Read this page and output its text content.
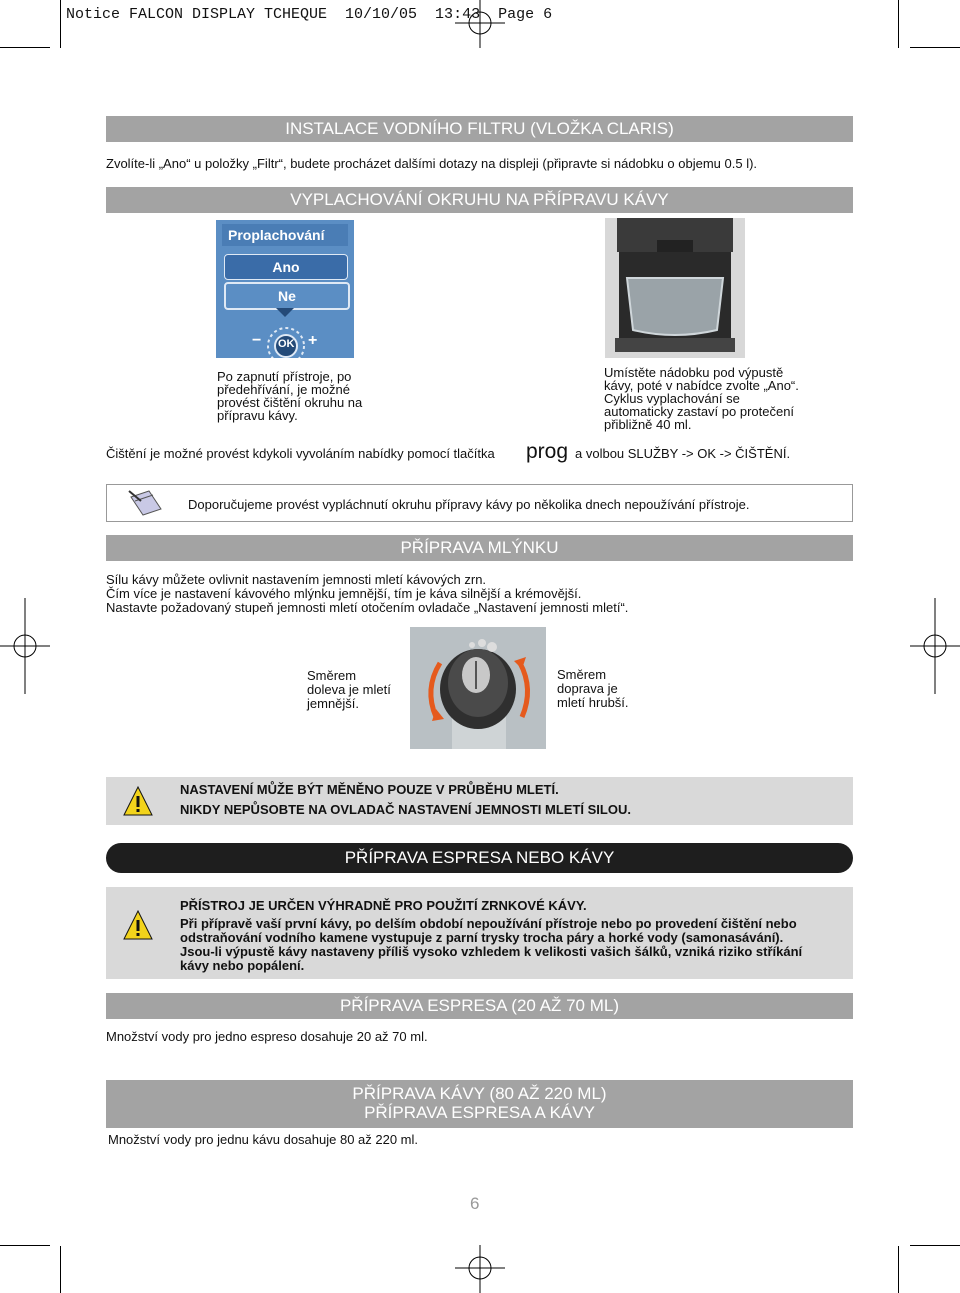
Notice FALCON DISPLAY TCHEQUE  10/10/05  13:43  Page 6
INSTALACE VODNÍHO FILTRU (VLOŽKA CLARIS)
Zvolíte-li „Ano“ u položky „Filtr“, budete procházet dalšími dotazy na displeji (připravte si nádobku o objemu 0.5 l).
VYPLACHOVÁNÍ OKRUHU NA PŘÍPRAVU KÁVY
Proplachování
Ano
Ne
OK
−	+
Po zapnutí přístroje, po
předehřívání, je možné
provést čištění okruhu na
přípravu kávy.
Umístěte nádobku pod výpustě
kávy, poté v nabídce zvolte „Ano“.
Cyklus vyplachování se
automaticky zastaví po protečení
přibližně 40 ml.
Čištění je možné provést kdykoli vyvoláním nabídky pomocí tlačítka prog a volbou SLUŽBY -> OK -> ČIŠTĚNÍ.
Doporučujeme provést vypláchnutí okruhu přípravy kávy po několika dnech nepoužívání přístroje.
PŘÍPRAVA MLÝNKU
Sílu kávy můžete ovlivnit nastavením jemnosti mletí kávových zrn.
Čím více je nastavení kávového mlýnku jemnější, tím je káva silnější a krémovější.
Nastavte požadovaný stupeň jemnosti mletí otočením ovladače „Nastavení jemnosti mletí“.
Směrem
doleva je mletí
jemnější.
Směrem
doprava je
mletí hrubší.
NASTAVENÍ MŮŽE BÝT MĚNĚNO POUZE V PRŮBĚHU MLETÍ.
NIKDY NEPŮSOBTE NA OVLADAČ NASTAVENÍ JEMNOSTI MLETÍ SILOU.
PŘÍPRAVA ESPRESA NEBO KÁVY
PŘÍSTROJ JE URČEN VÝHRADNĚ PRO POUŽITÍ ZRNKOVÉ KÁVY.
Při přípravě vaší první kávy, po delším období nepoužívání přístroje nebo po provedení čištění nebo
odstraňování vodního kamene vystupuje z parní trysky trocha páry a horké vody (samonasávání).
Jsou-li výpustě kávy nastaveny příliš vysoko vzhledem k velikosti vašich šálků, vzniká riziko stříkání
kávy nebo popálení.
PŘÍPRAVA ESPRESA (20 AŽ 70 ML)
Množství vody pro jedno espreso dosahuje 20 až 70 ml.
PŘÍPRAVA KÁVY (80 AŽ 220 ML)
PŘÍPRAVA ESPRESA A KÁVY
Množství vody pro jednu kávu dosahuje 80 až 220 ml.
6
